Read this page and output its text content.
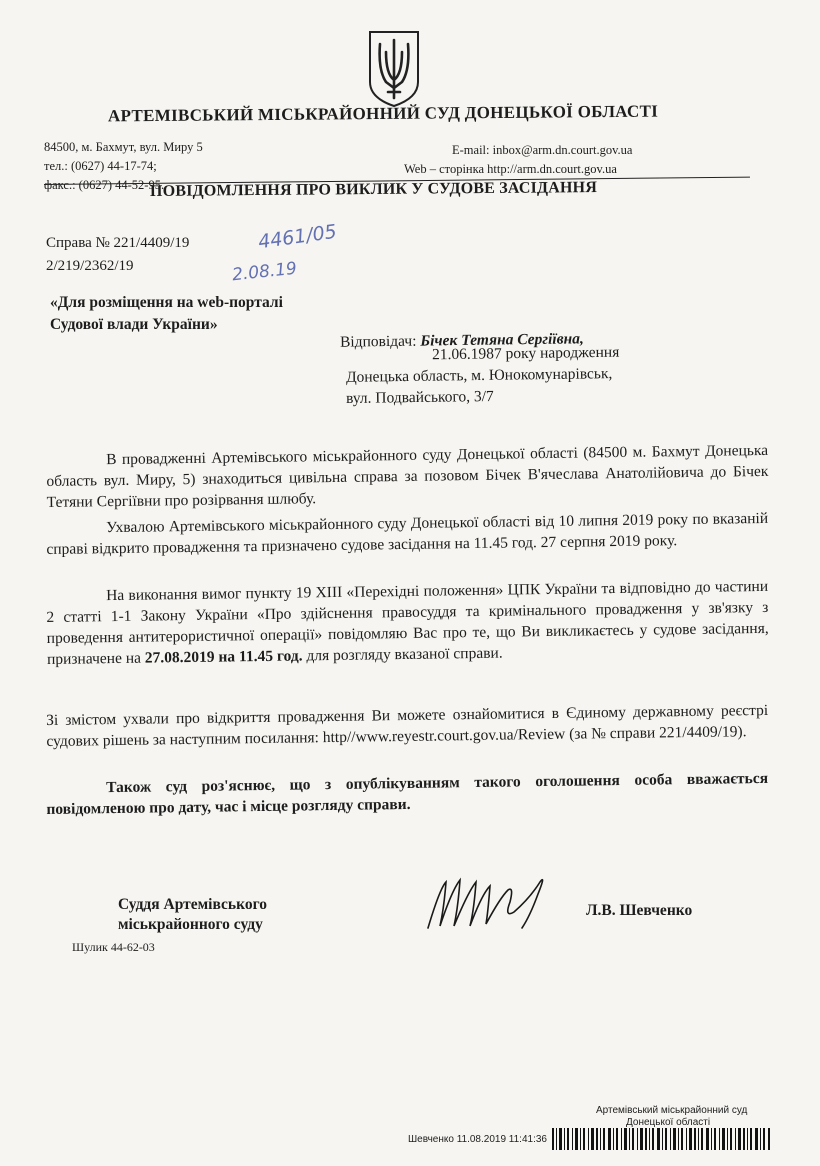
АРТЕМІВСЬКИЙ МІСЬКРАЙОННИЙ СУД ДОНЕЦЬКОЇ ОБЛАСТІ
84500, м. Бахмут, вул. Миру 5
тел.: (0627) 44-17-74;
факс.: (0627) 44-52-95.
E-mail: inbox@arm.dn.court.gov.ua
Web – сторінка http://arm.dn.court.gov.ua
ПОВІДОМЛЕННЯ ПРО ВИКЛИК У СУДОВЕ ЗАСІДАННЯ
Справа № 221/4409/19
2/219/2362/19
4461/05
2.08.19
«Для розміщення на web-порталі
Судової влади України»
Відповідач: Бічек Тетяна Сергіївна,
21.06.1987 року народження
Донецька область, м. Юнокомунарівськ,
вул. Подвайського, 3/7

В провадженні Артемівського міськрайонного суду Донецької області (84500 м. Бахмут Донецька область вул. Миру, 5) знаходиться цивільна справа за позовом Бічек В'ячеслава Анатолійовича до Бічек Тетяни Сергіївни про розірвання шлюбу.

Ухвалою Артемівського міськрайонного суду Донецької області від 10 липня 2019 року по вказаній справі відкрито провадження та призначено судове засідання на 11.45 год. 27 серпня 2019 року.

На виконання вимог пункту 19 ХІІІ «Перехідні положення» ЦПК України та відповідно до частини 2 статті 1-1 Закону України «Про здійснення правосуддя та кримінального провадження у зв'язку з проведення антитерористичної операції» повідомляю Вас про те, що Ви викликаєтесь у судове засідання, призначене на 27.08.2019 на 11.45 год. для розгляду вказаної справи.

Зі змістом ухвали про відкриття провадження Ви можете ознайомитися в Єдиному державному реєстрі судових рішень за наступним посилання: http//www.reyestr.court.gov.ua/Review (за № справи 221/4409/19).

Також суд роз'яснює, що з опублікуванням такого оголошення особа вважається повідомленою про дату, час і місце розгляду справи.

Суддя Артемівського
міськрайонного суду
Шулик 44-62-03
Л.В. Шевченко
Артемівський міськрайонний суд
Донецької області
Шевченко 11.08.2019 11:41:36
